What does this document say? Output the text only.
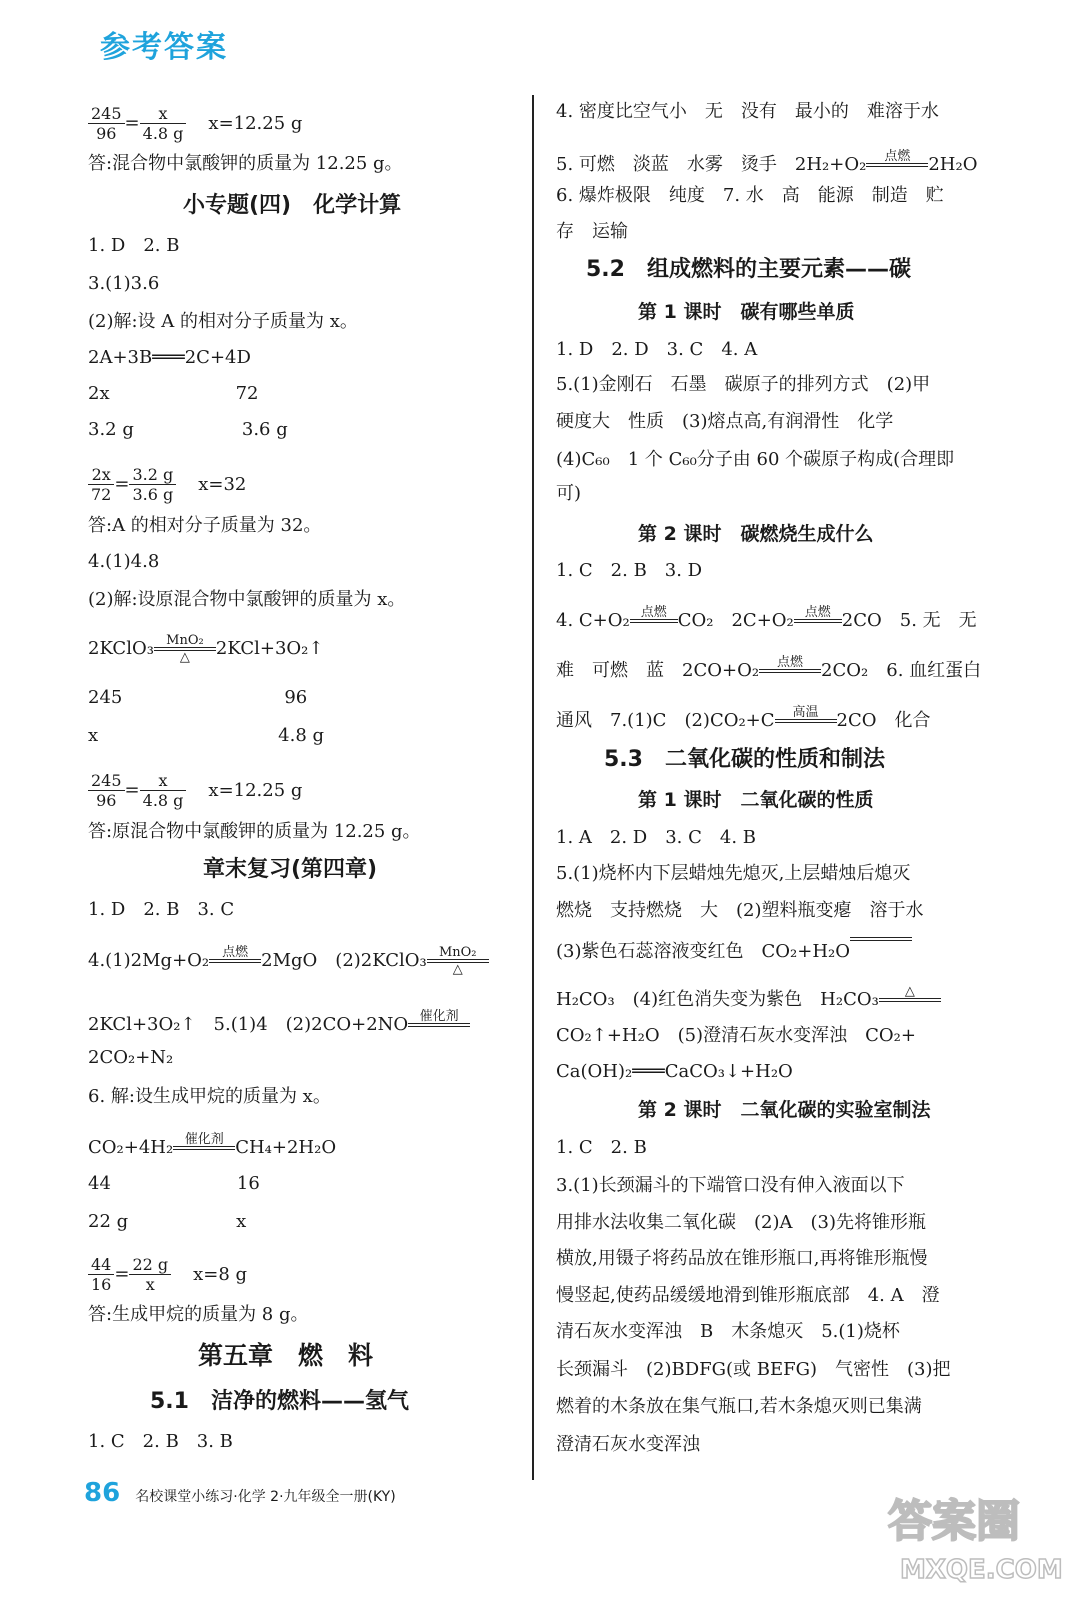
参考答案
$\frac{245}{96} = \frac{x}{4.8 g} x=12.25$ g
答:混合物中氯酸钾的质量为 12.25 g。
小专题(四)　化学计算
1. D　2. B
3.(1)3.6
(2)解:设 A 的相对分子质量为 x。
2A+3B═══2C+4D
2x　　　　　　　72
3.2 g　　　　　　3.6 g
$\frac{2x}{72} = \frac{3.2 g}{3.6 g} x=32$
答:A 的相对分子质量为 32。
4.(1)4.8
(2)解:设原混合物中氯酸钾的质量为 x。
2KClO₃ MnO₂
△	2KCl+3O₂↑
245　　　　　　　　　96
x　　　　　　　　　　4.8 g
$\frac{245}{96} = \frac{x}{4.8 g} x=12.25$ g
答:原混合物中氯酸钾的质量为 12.25 g。
章末复习(第四章)
1. D　2. B　3. C
4.(1)2Mg+O₂ 点燃 2MgO　(2)2KClO₃ MnO₂
△
2KCl+3O₂↑　5.(1)4　(2)2CO+2NO 催化剂
2CO₂+N₂
6. 解:设生成甲烷的质量为 x。
CO₂+4H₂ 催化剂 CH₄+2H₂O
44　　　　　　　16
22 g　　　　　　x
$\frac{44}{16} = \frac{22 g}{x} x=8$ g
答:生成甲烷的质量为 8 g。
第五章　燃　料
5.1　洁净的燃料——氢气
1. C　2. B　3. B
4. 密度比空气小　无　没有　最小的　难溶于水
5. 可燃　淡蓝　水雾　烫手　2H₂+O₂	点燃	2H₂O
6. 爆炸极限　纯度　7. 水　高　能源　制造　贮
存　运输
5.2　组成燃料的主要元素——碳
第 1 课时　碳有哪些单质
1. D　2. D　3. C　4. A
5.(1)金刚石　石墨　碳原子的排列方式　(2)甲
硬度大　性质　(3)熔点高,有润滑性　化学
(4)C₆₀　1 个 C₆₀分子由 60 个碳原子构成(合理即
可)
第 2 课时　碳燃烧生成什么
1. C　2. B　3. D
4. C+O₂ 点燃 CO₂　2C+O₂ 点燃 2CO　5. 无　无
难　可燃　蓝　2CO+O₂	点燃	2CO₂　6. 血红蛋白
通风　7.(1)C　(2)CO₂+C	高温	2CO　化合
5.3　二氧化碳的性质和制法
第 1 课时　二氧化碳的性质
1. A　2. D　3. C　4. B
5.(1)烧杯内下层蜡烛先熄灭,上层蜡烛后熄灭
燃烧　支持燃烧　大　(2)塑料瓶变瘪　溶于水
(3)紫色石蕊溶液变红色　CO₂+H₂O
H₂CO₃　(4)红色消失变为紫色　H₂CO₃	△
CO₂↑+H₂O　(5)澄清石灰水变浑浊　CO₂+
Ca(OH)₂═══CaCO₃↓+H₂O
第 2 课时　二氧化碳的实验室制法
1. C　2. B
3.(1)长颈漏斗的下端管口没有伸入液面以下
用排水法收集二氧化碳　(2)A　(3)先将锥形瓶
横放,用镊子将药品放在锥形瓶口,再将锥形瓶慢
慢竖起,使药品缓缓地滑到锥形瓶底部　4. A　澄
清石灰水变浑浊　B　木条熄灭　5.(1)烧杯
长颈漏斗　(2)BDFG(或 BEFG)　气密性　(3)把
燃着的木条放在集气瓶口,若木条熄灭则已集满
澄清石灰水变浑浊
86 名校课堂小练习·化学 2·九年级全一册(KY)	答案圈
MXQE.COM
